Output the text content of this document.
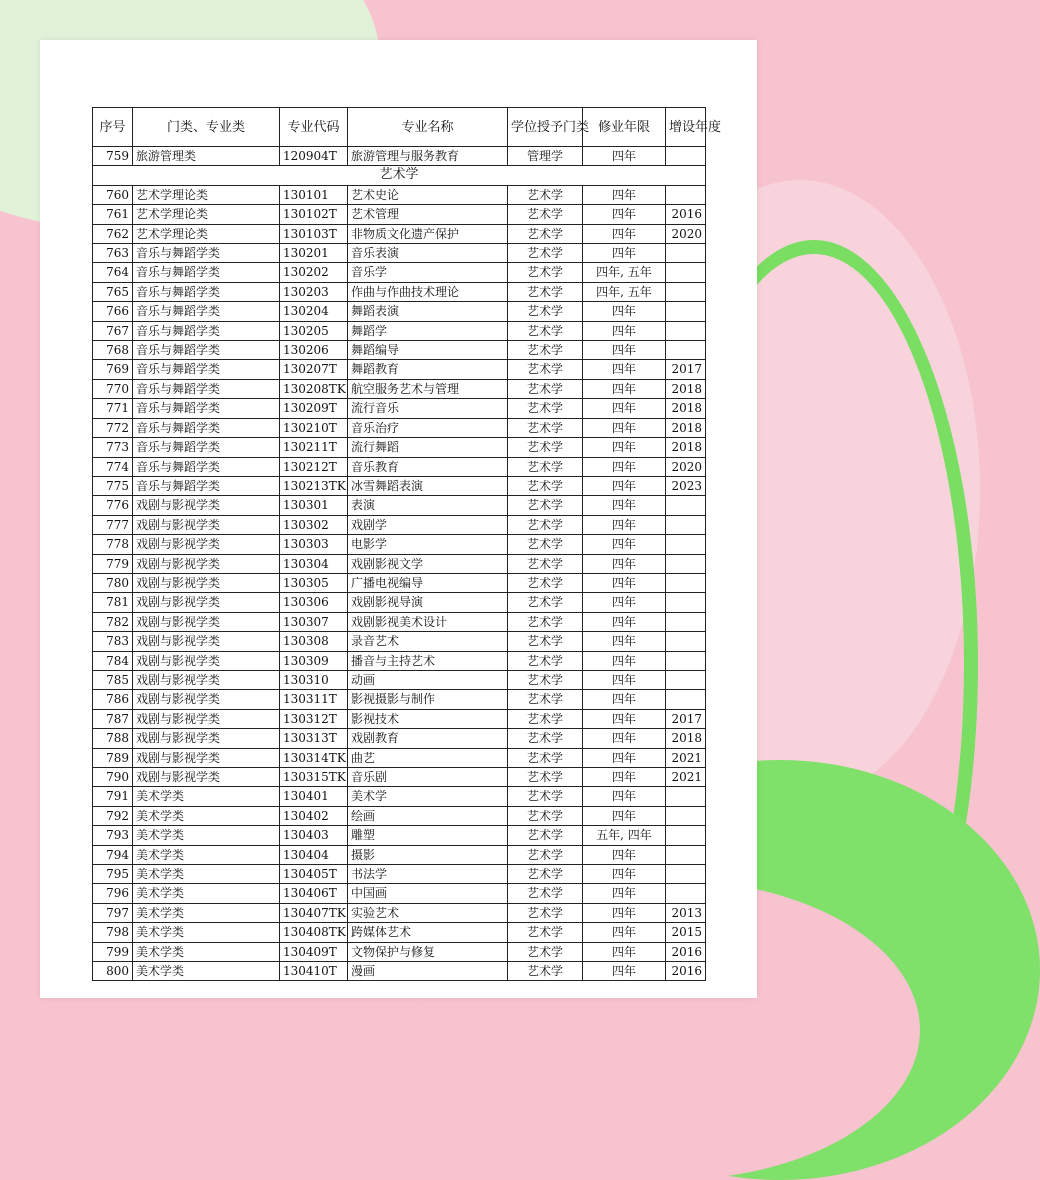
序号	门类、专业类	专业代码	专业名称	学位授予门类	修业年限	增设年度
759	旅游管理类	120904T	旅游管理与服务教育	管理学	四年	
艺术学						
760	艺术学理论类	130101	艺术史论	艺术学	四年	
761	艺术学理论类	130102T	艺术管理	艺术学	四年	2016
762	艺术学理论类	130103T	非物质文化遗产保护	艺术学	四年	2020
763	音乐与舞蹈学类	130201	音乐表演	艺术学	四年	
764	音乐与舞蹈学类	130202	音乐学	艺术学	四年, 五年	
765	音乐与舞蹈学类	130203	作曲与作曲技术理论	艺术学	四年, 五年	
766	音乐与舞蹈学类	130204	舞蹈表演	艺术学	四年	
767	音乐与舞蹈学类	130205	舞蹈学	艺术学	四年	
768	音乐与舞蹈学类	130206	舞蹈编导	艺术学	四年	
769	音乐与舞蹈学类	130207T	舞蹈教育	艺术学	四年	2017
770	音乐与舞蹈学类	130208TK	航空服务艺术与管理	艺术学	四年	2018
771	音乐与舞蹈学类	130209T	流行音乐	艺术学	四年	2018
772	音乐与舞蹈学类	130210T	音乐治疗	艺术学	四年	2018
773	音乐与舞蹈学类	130211T	流行舞蹈	艺术学	四年	2018
774	音乐与舞蹈学类	130212T	音乐教育	艺术学	四年	2020
775	音乐与舞蹈学类	130213TK	冰雪舞蹈表演	艺术学	四年	2023
776	戏剧与影视学类	130301	表演	艺术学	四年	
777	戏剧与影视学类	130302	戏剧学	艺术学	四年	
778	戏剧与影视学类	130303	电影学	艺术学	四年	
779	戏剧与影视学类	130304	戏剧影视文学	艺术学	四年	
780	戏剧与影视学类	130305	广播电视编导	艺术学	四年	
781	戏剧与影视学类	130306	戏剧影视导演	艺术学	四年	
782	戏剧与影视学类	130307	戏剧影视美术设计	艺术学	四年	
783	戏剧与影视学类	130308	录音艺术	艺术学	四年	
784	戏剧与影视学类	130309	播音与主持艺术	艺术学	四年	
785	戏剧与影视学类	130310	动画	艺术学	四年	
786	戏剧与影视学类	130311T	影视摄影与制作	艺术学	四年	
787	戏剧与影视学类	130312T	影视技术	艺术学	四年	2017
788	戏剧与影视学类	130313T	戏剧教育	艺术学	四年	2018
789	戏剧与影视学类	130314TK	曲艺	艺术学	四年	2021
790	戏剧与影视学类	130315TK	音乐剧	艺术学	四年	2021
791	美术学类	130401	美术学	艺术学	四年	
792	美术学类	130402	绘画	艺术学	四年	
793	美术学类	130403	雕塑	艺术学	五年, 四年	
794	美术学类	130404	摄影	艺术学	四年	
795	美术学类	130405T	书法学	艺术学	四年	
796	美术学类	130406T	中国画	艺术学	四年	
797	美术学类	130407TK	实验艺术	艺术学	四年	2013
798	美术学类	130408TK	跨媒体艺术	艺术学	四年	2015
799	美术学类	130409T	文物保护与修复	艺术学	四年	2016
800	美术学类	130410T	漫画	艺术学	四年	2016
